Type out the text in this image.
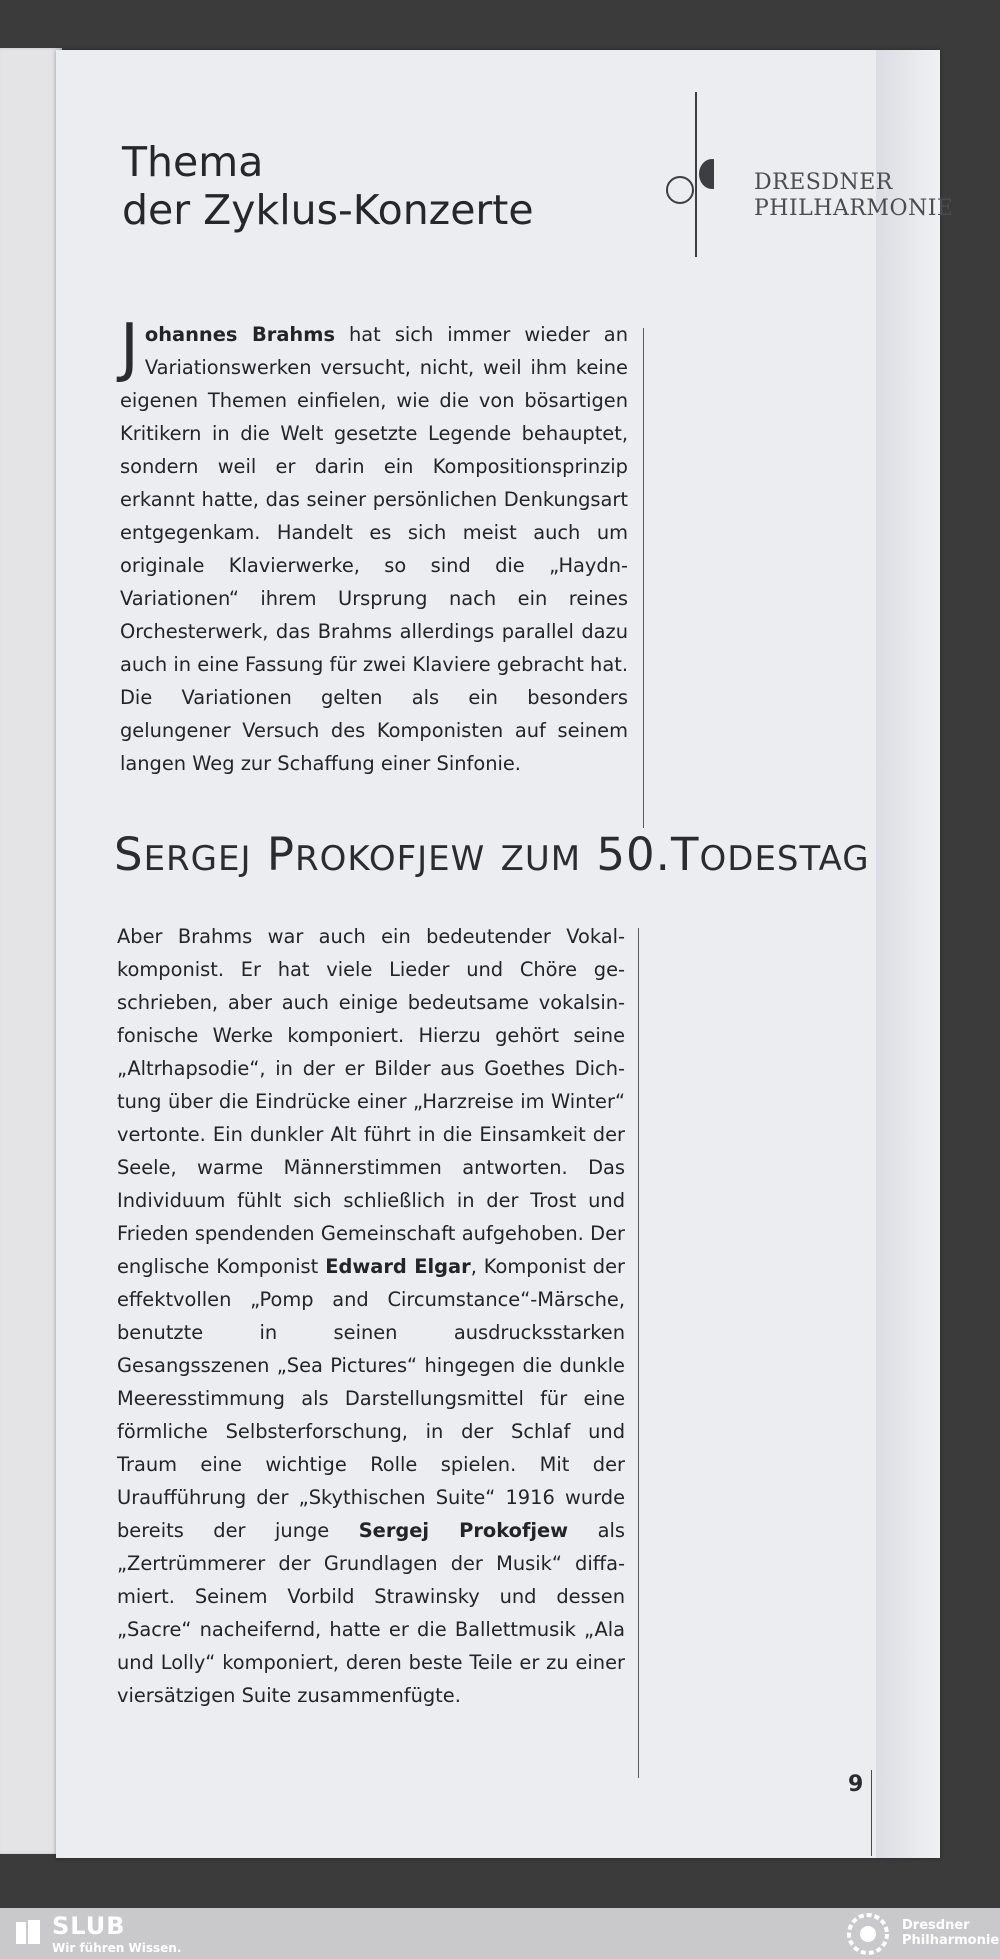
Thema
der Zyklus-Konzerte
DRESDNER
PHILHARMONIE

Johannes Brahms hat sich immer wieder an Variationswerken versucht, nicht, weil ihm keine eigenen Themen einfielen, wie die von bösartigen Kritikern in die Welt gesetzte Legende behauptet, sondern weil er darin ein Kompositionsprinzip erkannt hatte, das seiner persönlichen Denkungsart entgegenkam. Handelt es sich meist auch um originale Klavierwerke, so sind die „Haydn-Variationen“ ihrem Ursprung nach ein reines Orchesterwerk, das Brahms allerdings parallel dazu auch in eine Fassung für zwei Klaviere gebracht hat. Die Variationen gelten als ein besonders gelungener Versuch des Komponisten auf seinem langen Weg zur Schaffung einer Sinfonie.

SERGEJ PROKOFJEW ZUM 50.TODESTAG

Aber Brahms war auch ein bedeutender Vokalkomponist. Er hat viele Lieder und Chöre geschrieben, aber auch einige bedeutsame vokalsinfonische Werke komponiert. Hierzu gehört seine „Altrhapsodie“, in der er Bilder aus Goethes Dichtung über die Eindrücke einer „Harzreise im Winter“ vertonte. Ein dunkler Alt führt in die Einsamkeit der Seele, warme Männerstimmen antworten. Das Individuum fühlt sich schließlich in der Trost und Frieden spendenden Gemeinschaft aufgehoben. Der englische Komponist Edward Elgar, Komponist der effektvollen „Pomp and Circumstance“-Märsche, benutzte in seinen ausdrucksstarken Gesangsszenen „Sea Pictures“ hingegen die dunkle Meeresstimmung als Darstellungsmittel für eine förmliche Selbsterforschung, in der Schlaf und Traum eine wichtige Rolle spielen. Mit der Uraufführung der „Skythischen Suite“ 1916 wurde bereits der junge Sergej Prokofjew als „Zertrümmerer der Grundlagen der Musik“ diffamiert. Seinem Vorbild Strawinsky und dessen „Sacre“ nacheifernd, hatte er die Ballettmusik „Ala und Lolly“ komponiert, deren beste Teile er zu einer viersätzigen Suite zusammenfügte.

9
SLUB
Wir führen Wissen.
Dresdner
Philharmonie
